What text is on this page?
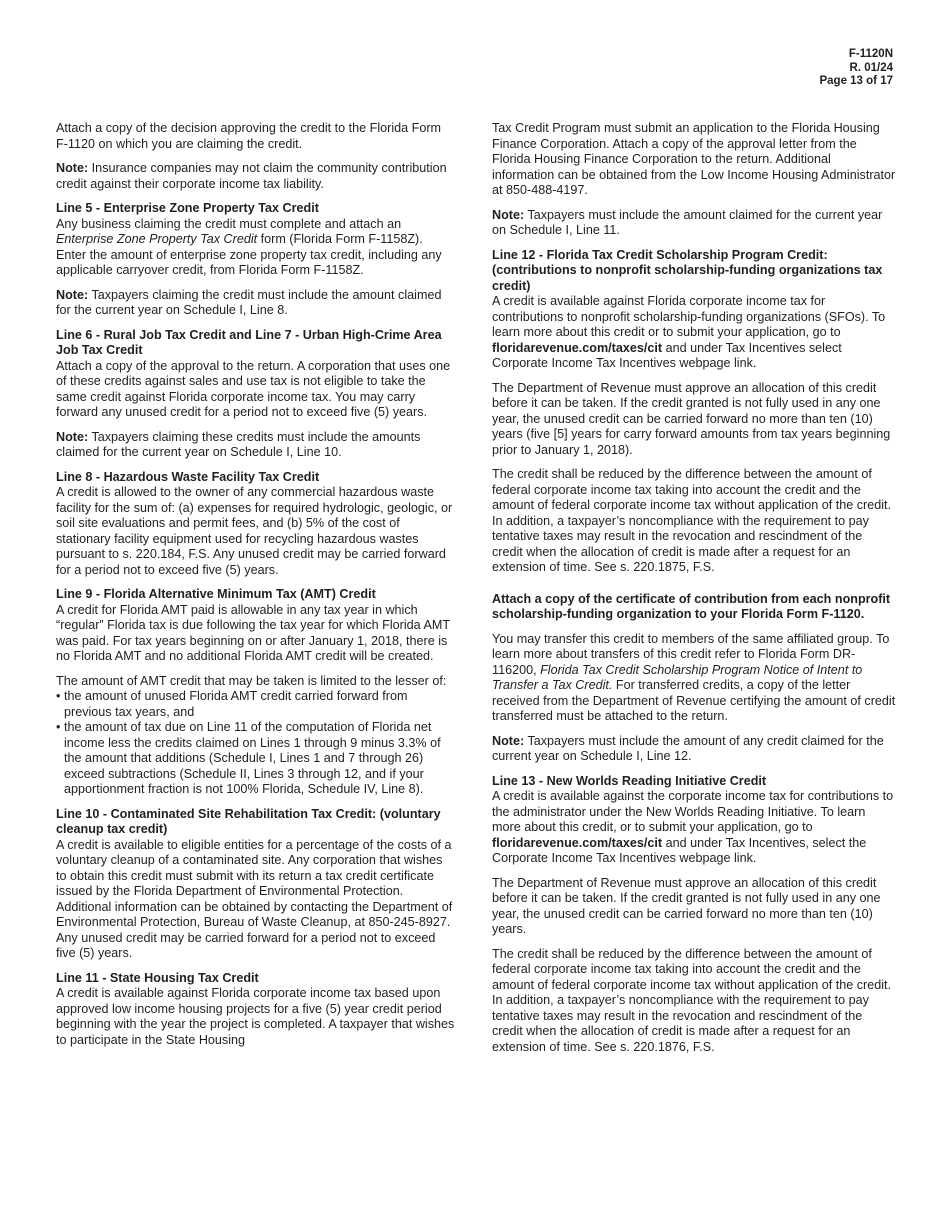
F-1120N
R. 01/24
Page 13 of 17

Attach a copy of the decision approving the credit to the Florida Form F-1120 on which you are claiming the credit.

Note: Insurance companies may not claim the community contribution credit against their corporate income tax liability.

Line 5 - Enterprise Zone Property Tax Credit
Any business claiming the credit must complete and attach an Enterprise Zone Property Tax Credit form (Florida Form F-1158Z). Enter the amount of enterprise zone property tax credit, including any applicable carryover credit, from Florida Form F-1158Z.

Note: Taxpayers claiming the credit must include the amount claimed for the current year on Schedule I, Line 8.

Line 6 - Rural Job Tax Credit and Line 7 - Urban High-Crime Area Job Tax Credit
Attach a copy of the approval to the return. A corporation that uses one of these credits against sales and use tax is not eligible to take the same credit against Florida corporate income tax. You may carry forward any unused credit for a period not to exceed five (5) years.

Note: Taxpayers claiming these credits must include the amounts claimed for the current year on Schedule I, Line 10.

Line 8 - Hazardous Waste Facility Tax Credit
A credit is allowed to the owner of any commercial hazardous waste facility for the sum of: (a) expenses for required hydrologic, geologic, or soil site evaluations and permit fees, and (b) 5% of the cost of stationary facility equipment used for recycling hazardous wastes pursuant to s. 220.184, F.S. Any unused credit may be carried forward for a period not to exceed five (5) years.

Line 9 - Florida Alternative Minimum Tax (AMT) Credit
A credit for Florida AMT paid is allowable in any tax year in which “regular” Florida tax is due following the tax year for which Florida AMT was paid. For tax years beginning on or after January 1, 2018, there is no Florida AMT and no additional Florida AMT credit will be created.

The amount of AMT credit that may be taken is limited to the lesser of:

• the amount of unused Florida AMT credit carried forward from previous tax years, and
• the amount of tax due on Line 11 of the computation of Florida net income less the credits claimed on Lines 1 through 9 minus 3.3% of the amount that additions (Schedule I, Lines 1 and 7 through 26) exceed subtractions (Schedule II, Lines 3 through 12, and if your apportionment fraction is not 100% Florida, Schedule IV, Line 8).

Line 10 - Contaminated Site Rehabilitation Tax Credit: (voluntary cleanup tax credit)
A credit is available to eligible entities for a percentage of the costs of a voluntary cleanup of a contaminated site. Any corporation that wishes to obtain this credit must submit with its return a tax credit certificate issued by the Florida Department of Environmental Protection. Additional information can be obtained by contacting the Department of Environmental Protection, Bureau of Waste Cleanup, at 850-245-8927. Any unused credit may be carried forward for a period not to exceed five (5) years.

Line 11 - State Housing Tax Credit
A credit is available against Florida corporate income tax based upon approved low income housing projects for a five (5) year credit period beginning with the year the project is completed. A taxpayer that wishes to participate in the State Housing

Tax Credit Program must submit an application to the Florida Housing Finance Corporation. Attach a copy of the approval letter from the Florida Housing Finance Corporation to the return. Additional information can be obtained from the Low Income Housing Administrator at 850-488-4197.

Note: Taxpayers must include the amount claimed for the current year on Schedule I, Line 11.

Line 12 - Florida Tax Credit Scholarship Program Credit: (contributions to nonprofit scholarship-funding organizations tax credit)
A credit is available against Florida corporate income tax for contributions to nonprofit scholarship-funding organizations (SFOs). To learn more about this credit or to submit your application, go to floridarevenue.com/taxes/cit and under Tax Incentives select Corporate Income Tax Incentives webpage link.

The Department of Revenue must approve an allocation of this credit before it can be taken. If the credit granted is not fully used in any one year, the unused credit can be carried forward no more than ten (10) years (five [5] years for carry forward amounts from tax years beginning prior to January 1, 2018).

The credit shall be reduced by the difference between the amount of federal corporate income tax taking into account the credit and the amount of federal corporate income tax without application of the credit. In addition, a taxpayer’s noncompliance with the requirement to pay tentative taxes may result in the revocation and rescindment of the credit when the allocation of credit is made after a request for an extension of time. See s. 220.1875, F.S.

Attach a copy of the certificate of contribution from each nonprofit scholarship-funding organization to your Florida Form F-1120.

You may transfer this credit to members of the same affiliated group. To learn more about transfers of this credit refer to Florida Form DR-116200, Florida Tax Credit Scholarship Program Notice of Intent to Transfer a Tax Credit. For transferred credits, a copy of the letter received from the Department of Revenue certifying the amount of credit transferred must be attached to the return.

Note: Taxpayers must include the amount of any credit claimed for the current year on Schedule I, Line 12.

Line 13 - New Worlds Reading Initiative Credit
A credit is available against the corporate income tax for contributions to the administrator under the New Worlds Reading Initiative. To learn more about this credit, or to submit your application, go to floridarevenue.com/taxes/cit and under Tax Incentives, select the Corporate Income Tax Incentives webpage link.

The Department of Revenue must approve an allocation of this credit before it can be taken. If the credit granted is not fully used in any one year, the unused credit can be carried forward no more than ten (10) years.

The credit shall be reduced by the difference between the amount of federal corporate income tax taking into account the credit and the amount of federal corporate income tax without application of the credit. In addition, a taxpayer’s noncompliance with the requirement to pay tentative taxes may result in the revocation and rescindment of the credit when the allocation of credit is made after a request for an extension of time. See s. 220.1876, F.S.
